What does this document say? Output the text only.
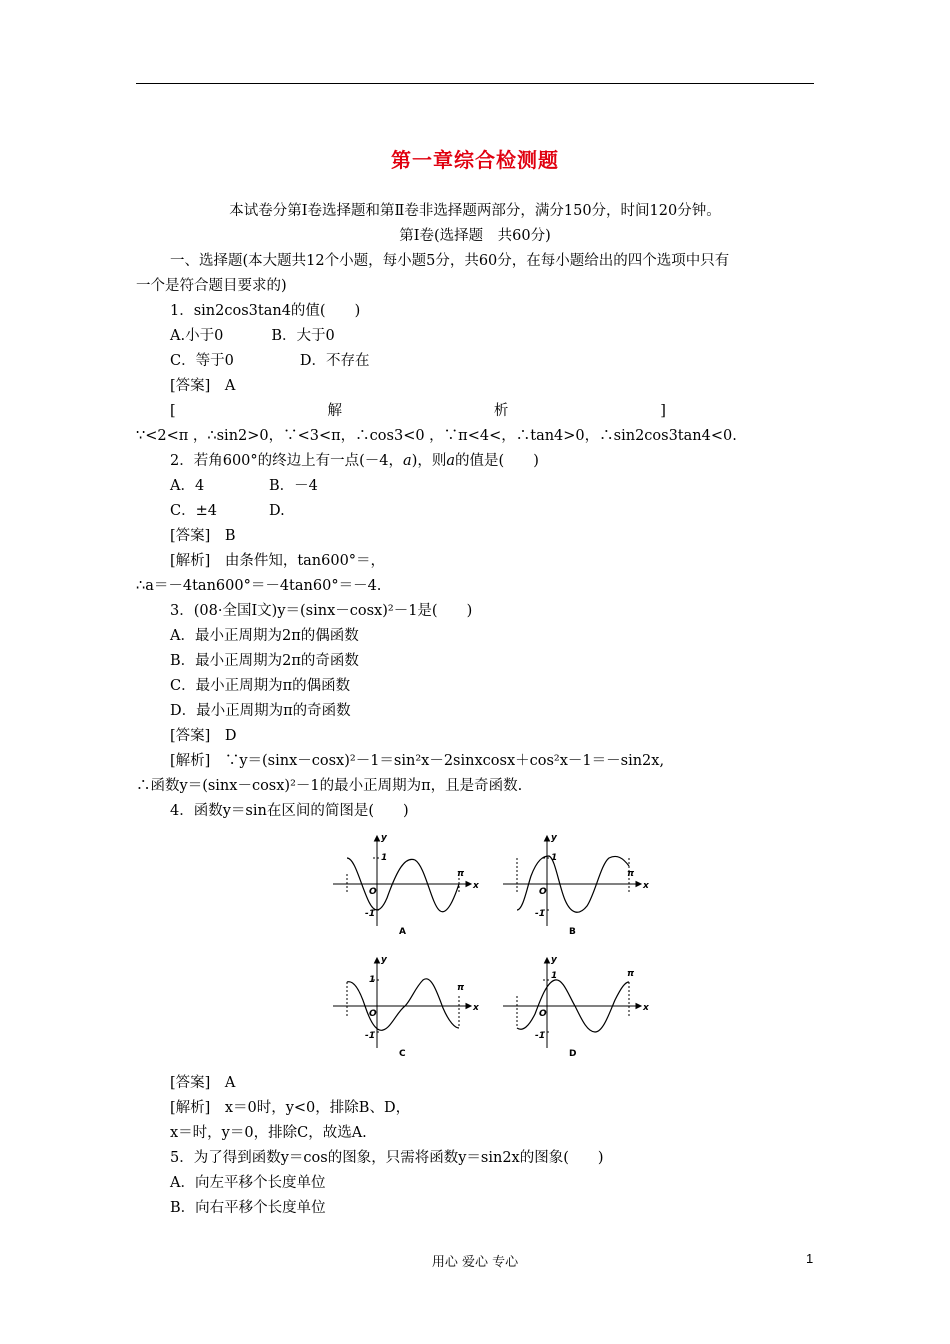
第一章综合检测题
本试卷分第Ⅰ卷选择题和第Ⅱ卷非选择题两部分，满分150分，时间120分钟。
第Ⅰ卷(选择题　共60分)
一、选择题(本大题共12个小题，每小题5分，共60分，在每小题给出的四个选项中只有
一个是符合题目要求的)
1．sin2cos3tan4的值(　　)
A.小于0	B．大于0
C．等于0	D．不存在
[答案]　A
[	解	析	]
∵<2<π ，∴sin2>0，∵<3<π，∴cos3<0 ，∵π<4<，∴tan4>0，∴sin2cos3tan4<0.
2．若角600°的终边上有一点(－4，a)，则a的值是(　　)
A．4	B．－4
C．±4	D.
[答案]　B
[解析]　由条件知，tan600°＝，
∴a＝－4tan600°＝－4tan60°＝－4.
3．(08·全国Ⅰ文)y＝(sinx－cosx)²－1是(　　)
A．最小正周期为2π的偶函数
B．最小正周期为2π的奇函数
C．最小正周期为π的偶函数
D．最小正周期为π的奇函数
[答案]　D
[解析]　∵y＝(sinx－cosx)²－1＝sin²x－2sinxcosx＋cos²x－1＝－sin2x,
∴函数y＝(sinx－cosx)²－1的最小正周期为π，且是奇函数.
4．函数y＝sin在区间的简图是(　　)
y
x
O
π
1
-1
A
y
x
O
π
1
-1
B
y
x
O
π
1
-1
C
y
x
O
π
1
-1
D
[答案]　A
[解析]　x＝0时，y<0，排除B、D，
x＝时，y＝0，排除C，故选A.
5．为了得到函数y＝cos的图象，只需将函数y＝sin2x的图象(　　)
A．向左平移个长度单位
B．向右平移个长度单位
用心 爱心 专心	1
